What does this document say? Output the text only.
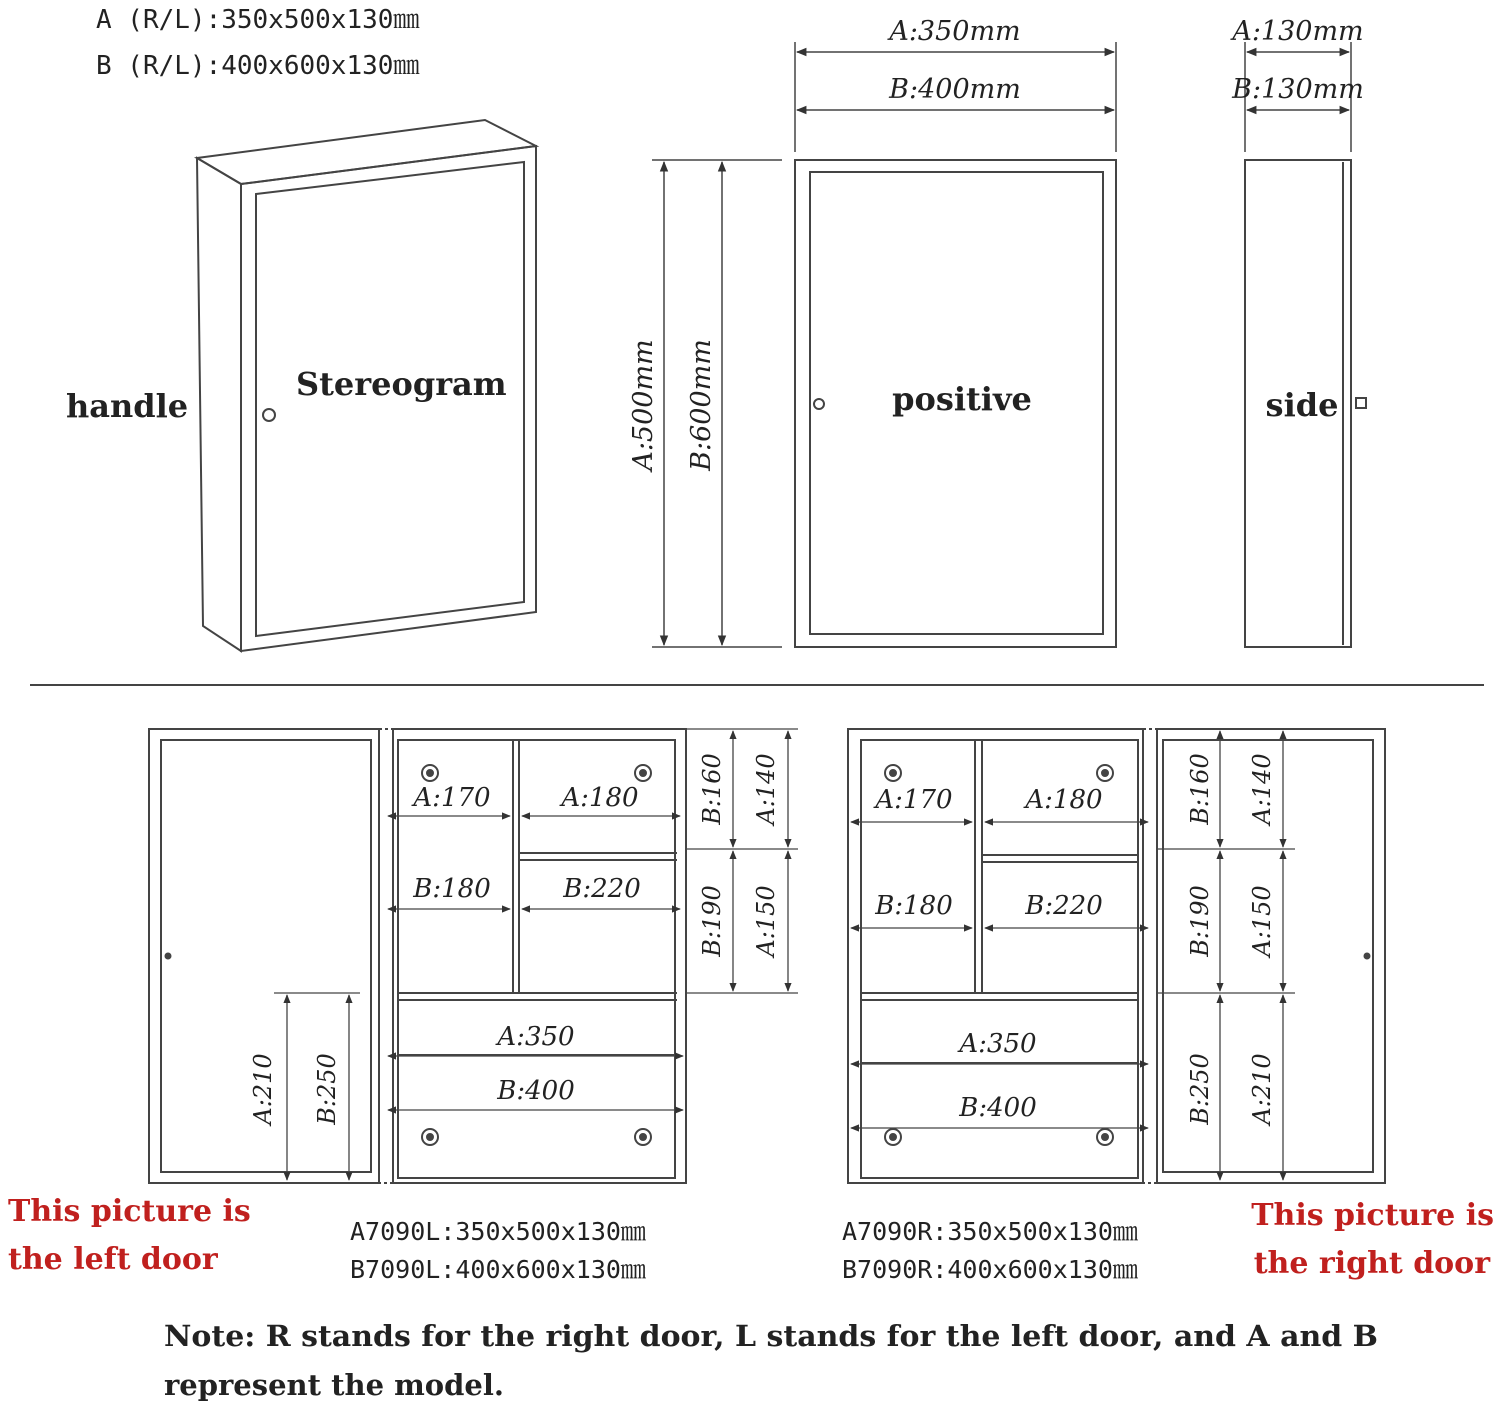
A (R/L):350x500x130㎜
B (R/L):400x600x130㎜
handle
Stereogram
A:350mm
B:400mm
A:130mm
B:130mm
A:500mm B:600mm	positive	side
A:170	A:180
B:180	B:220
A:350
B:400
B:160 A:140
B:190 A:150
A:210 B:250
A:170	A:180
B:180	B:220
A:350
B:400
B:160 A:140
B:190 A:150
B:250 A:210
This picture is
the left door
This picture is
the right door
A7090L:350x500x130㎜
B7090L:400x600x130㎜
A7090R:350x500x130㎜
B7090R:400x600x130㎜
Note: R stands for the right door, L stands for the left door, and A and B
represent the model.
